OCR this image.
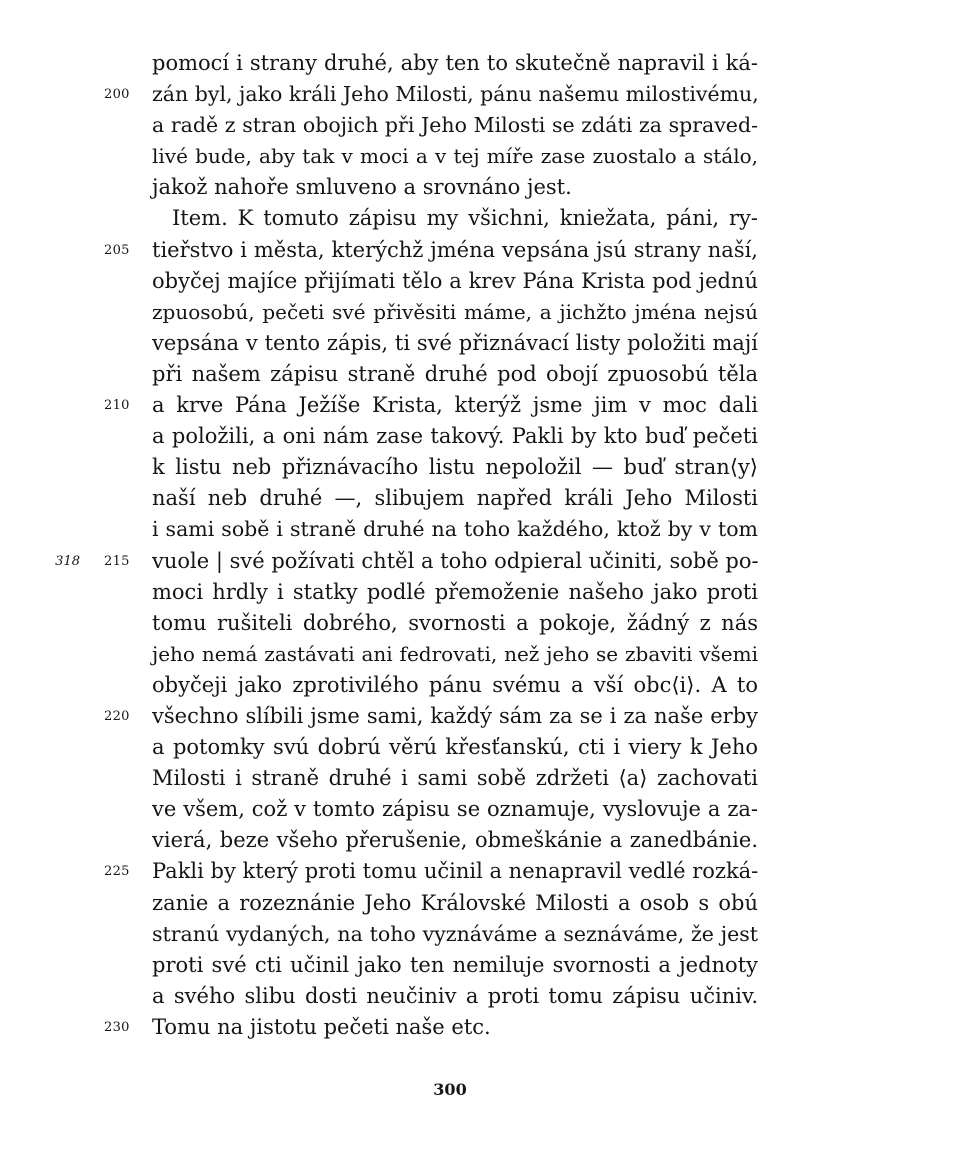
pomocí i strany druhé, aby ten to skutečně napravil i ká-
200	zán byl, jako králi Jeho Milosti, pánu našemu milostivému,
a radě z stran obojich při Jeho Milosti se zdáti za spraved-
livé bude, aby tak v moci a v tej míře zase zuostalo a stálo,
jakož nahoře smluveno a srovnáno jest.
Item. K tomuto zápisu my všichni, kniežata, páni, ry-
205	tieřstvo i města, kterýchž jména vepsána jsú strany naší,
obyčej majíce přijímati tělo a krev Pána Krista pod jednú
zpuosobú, pečeti své přivěsiti máme, a jichžto jména nejsú
vepsána v tento zápis, ti své přiznávací listy položiti mají
při našem zápisu straně druhé pod obojí zpuosobú těla
210	a krve Pána Ježíše Krista, kterýž jsme jim v moc dali
a položili, a oni nám zase takový. Pakli by kto buď pečeti
k listu neb přiznávacího listu nepoložil — buď stran⟨y⟩
naší neb druhé —, slibujem napřed králi Jeho Milosti
i sami sobě i straně druhé na toho každého, ktož by v tom
318 215	vuole | své požívati chtěl a toho odpieral učiniti, sobě po-
moci hrdly i statky podlé přemoženie našeho jako proti
tomu rušiteli dobrého, svornosti a pokoje, žádný z nás
jeho nemá zastávati ani fedrovati, než jeho se zbaviti všemi
obyčeji jako zprotivilého pánu svému a vší obc⟨i⟩. A to
220	všechno slíbili jsme sami, každý sám za se i za naše erby
a potomky svú dobrú věrú křesťanskú, cti i viery k Jeho
Milosti i straně druhé i sami sobě zdržeti ⟨a⟩ zachovati
ve všem, což v tomto zápisu se oznamuje, vyslovuje a za-
vierá, beze všeho přerušenie, obmeškánie a zanedbánie.
225	Pakli by který proti tomu učinil a nenapravil vedlé rozká-
zanie a rozeznánie Jeho Královské Milosti a osob s obú
stranú vydaných, na toho vyznáváme a seznáváme, že jest
proti své cti učinil jako ten nemiluje svornosti a jednoty
a svého slibu dosti neučiniv a proti tomu zápisu učiniv.
230	Tomu na jistotu pečeti naše etc.
300
